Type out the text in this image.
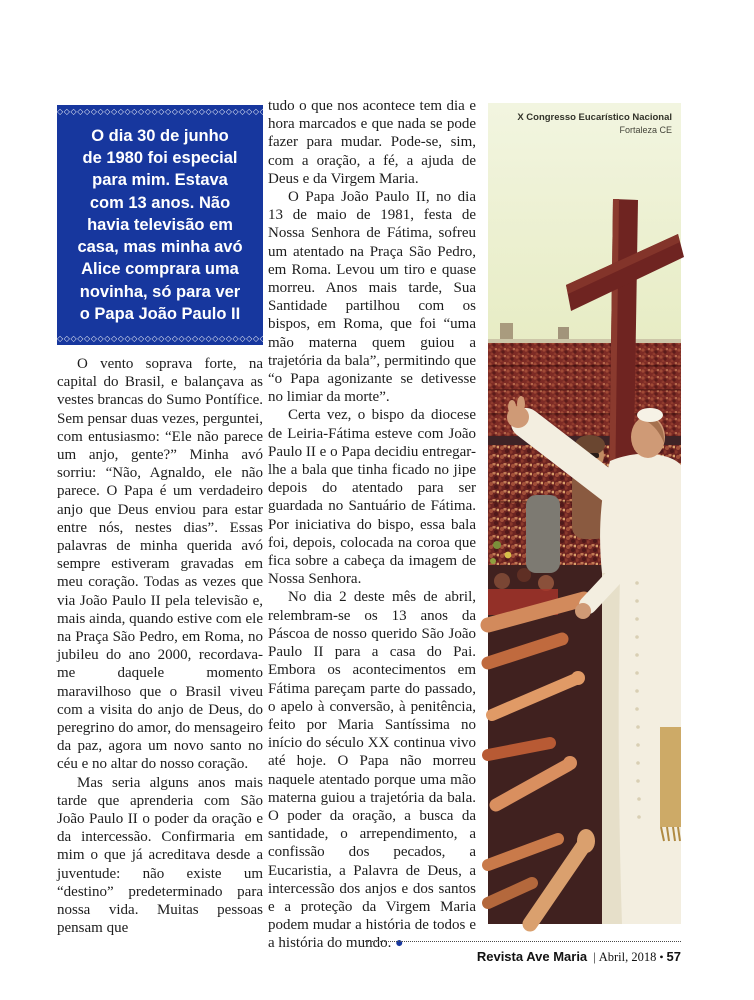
◇◇◇◇◇◇◇◇◇◇◇◇◇◇◇◇◇◇◇◇◇◇◇◇◇◇◇◇◇◇◇◇◇◇
O dia 30 de junho
de 1980 foi especial
para mim. Estava
com 13 anos. Não
havia televisão em
casa, mas minha avó
Alice comprara uma
novinha, só para ver
o Papa João Paulo II
◇◇◇◇◇◇◇◇◇◇◇◇◇◇◇◇◇◇◇◇◇◇◇◇◇◇◇◇◇◇◇◇◇◇

O vento soprava forte, na capital do Brasil, e balançava as vestes brancas do Sumo Pontífice. Sem pensar duas vezes, perguntei, com entusiasmo: “Ele não parece um anjo, gente?” Minha avó sorriu: “Não, Agnaldo, ele não parece. O Papa é um verdadeiro anjo que Deus enviou para estar entre nós, nestes dias”. Essas palavras de minha querida avó sempre estiveram gravadas em meu coração. Todas as vezes que via João Paulo II pela televisão e, mais ainda, quando estive com ele na Praça São Pedro, em Roma, no jubileu do ano 2000, recordava-me daquele momento maravilhoso que o Brasil viveu com a visita do anjo de Deus, do peregrino do amor, do mensageiro da paz, agora um novo santo no céu e no altar do nosso coração.

Mas seria alguns anos mais tarde que aprenderia com São João Paulo II o poder da oração e da intercessão. Confirmaria em mim o que já acreditava desde a juventude: não existe um “destino” predeterminado para nossa vida. Muitas pessoas pensam que

tudo o que nos acontece tem dia e hora marcados e que nada se pode fazer para mudar. Pode-se, sim, com a oração, a fé, a ajuda de Deus e da Virgem Maria.

O Papa João Paulo II, no dia 13 de maio de 1981, festa de Nossa Senhora de Fátima, sofreu um atentado na Praça São Pedro, em Roma. Levou um tiro e quase morreu. Anos mais tarde, Sua Santidade partilhou com os bispos, em Roma, que foi “uma mão materna quem guiou a trajetória da bala”, permitindo que “o Papa agonizante se detivesse no limiar da morte”.

Certa vez, o bispo da diocese de Leiria-Fátima esteve com João Paulo II e o Papa decidiu entregar-lhe a bala que tinha ficado no jipe depois do atentado para ser guardada no Santuário de Fátima. Por iniciativa do bispo, essa bala foi, depois, colocada na coroa que fica sobre a cabeça da imagem de Nossa Senhora.

No dia 2 deste mês de abril, relembram-se os 13 anos da Páscoa de nosso querido São João Paulo II para a casa do Pai. Embora os acontecimentos em Fátima pareçam parte do passado, o apelo à conversão, à penitência, feito por Maria Santíssima no início do século XX continua vivo até hoje. O Papa não morreu naquele atentado porque uma mão materna guiou a trajetória da bala. O poder da oração, a busca da santidade, o arrependimento, a confissão dos pecados, a Eucaristia, a Palavra de Deus, a intercessão dos anjos e dos santos e a proteção da Virgem Maria podem mudar a história de todos e a história do mundo. ●

X Congresso Eucarístico Nacional
Fortaleza CE
Revista Ave Maria | Abril, 2018 • 57
